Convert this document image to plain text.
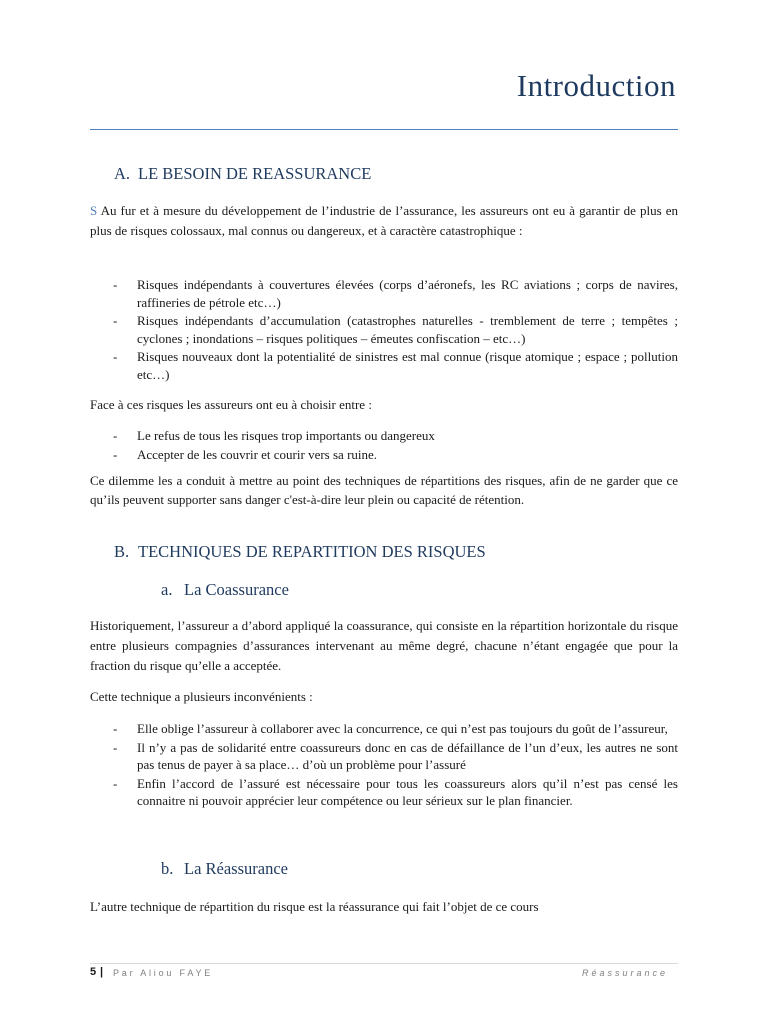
Introduction
A. LE BESOIN DE REASSURANCE

S Au fur et à mesure du développement de l’industrie de l’assurance, les assureurs ont eu à garantir de plus en plus de risques colossaux, mal connus ou dangereux, et à caractère catastrophique :

- Risques indépendants à couvertures élevées (corps d’aéronefs, les RC aviations ; corps de navires, raffineries de pétrole etc…)
- Risques indépendants d’accumulation (catastrophes naturelles - tremblement de terre ; tempêtes ; cyclones ; inondations – risques politiques – émeutes confiscation – etc…)
- Risques nouveaux dont la potentialité de sinistres est mal connue (risque atomique ; espace ; pollution etc…)

Face à ces risques les assureurs ont eu à choisir entre :

- Le refus de tous les risques trop importants ou dangereux
- Accepter de les couvrir et courir vers sa ruine.

Ce dilemme les a conduit à mettre au point des techniques de répartitions des risques, afin de ne garder que ce qu’ils peuvent supporter sans danger c'est-à-dire leur plein ou capacité de rétention.

B. TECHNIQUES DE REPARTITION DES RISQUES
a. La Coassurance

Historiquement, l’assureur a d’abord appliqué la coassurance, qui consiste en la répartition horizontale du risque entre plusieurs compagnies d’assurances intervenant au même degré, chacune n’étant engagée que pour la fraction du risque qu’elle a acceptée.

Cette technique a plusieurs inconvénients :

- Elle oblige l’assureur à collaborer avec la concurrence, ce qui n’est pas toujours du goût de l’assureur,
- Il n’y a pas de solidarité entre coassureurs donc en cas de défaillance de l’un d’eux, les autres ne sont pas tenus de payer à sa place… d’où un problème pour l’assuré
- Enfin l’accord de l’assuré est nécessaire pour tous les coassureurs alors qu’il n’est pas censé les connaitre ni pouvoir apprécier leur compétence ou leur sérieux sur le plan financier.
b. La Réassurance

L’autre technique de répartition du risque est la réassurance qui fait l’objet de ce cours

5 | Par Aliou FAYE	Réassurance
